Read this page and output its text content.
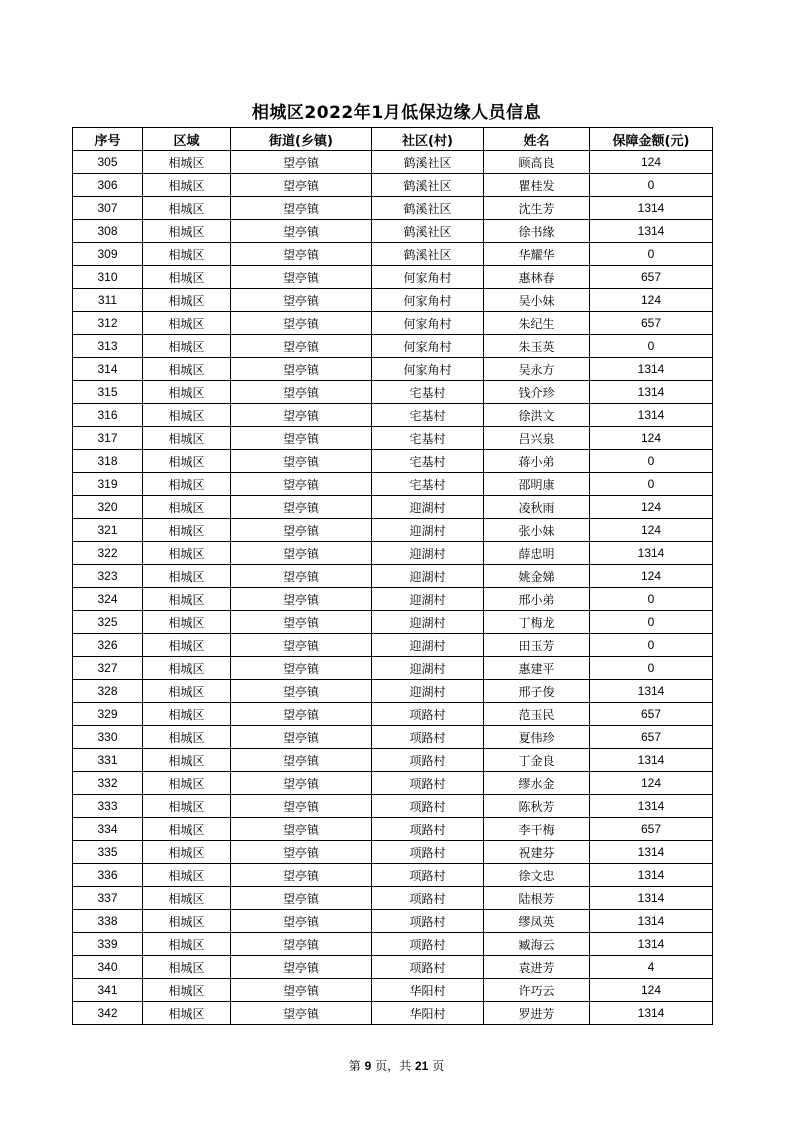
相城区2022年1月低保边缘人员信息
序号	区域	街道(乡镇)	社区(村)	姓名	保障金额(元)
305	相城区	望亭镇	鹤溪社区	顾高良	124
306	相城区	望亭镇	鹤溪社区	瞿桂发	0
307	相城区	望亭镇	鹤溪社区	沈生芳	1314
308	相城区	望亭镇	鹤溪社区	徐书缘	1314
309	相城区	望亭镇	鹤溪社区	华耀华	0
310	相城区	望亭镇	何家角村	惠林春	657
311	相城区	望亭镇	何家角村	吴小妹	124
312	相城区	望亭镇	何家角村	朱纪生	657
313	相城区	望亭镇	何家角村	朱玉英	0
314	相城区	望亭镇	何家角村	吴永方	1314
315	相城区	望亭镇	宅基村	钱介珍	1314
316	相城区	望亭镇	宅基村	徐洪文	1314
317	相城区	望亭镇	宅基村	吕兴泉	124
318	相城区	望亭镇	宅基村	蒋小弟	0
319	相城区	望亭镇	宅基村	邵明康	0
320	相城区	望亭镇	迎湖村	凌秋雨	124
321	相城区	望亭镇	迎湖村	张小妹	124
322	相城区	望亭镇	迎湖村	薛忠明	1314
323	相城区	望亭镇	迎湖村	姚金娣	124
324	相城区	望亭镇	迎湖村	邢小弟	0
325	相城区	望亭镇	迎湖村	丁梅龙	0
326	相城区	望亭镇	迎湖村	田玉芳	0
327	相城区	望亭镇	迎湖村	惠建平	0
328	相城区	望亭镇	迎湖村	邢子俊	1314
329	相城区	望亭镇	项路村	范玉民	657
330	相城区	望亭镇	项路村	夏伟珍	657
331	相城区	望亭镇	项路村	丁金良	1314
332	相城区	望亭镇	项路村	缪水金	124
333	相城区	望亭镇	项路村	陈秋芳	1314
334	相城区	望亭镇	项路村	李干梅	657
335	相城区	望亭镇	项路村	祝建芬	1314
336	相城区	望亭镇	项路村	徐文忠	1314
337	相城区	望亭镇	项路村	陆根芳	1314
338	相城区	望亭镇	项路村	缪凤英	1314
339	相城区	望亭镇	项路村	臧海云	1314
340	相城区	望亭镇	项路村	袁进芳	4
341	相城区	望亭镇	华阳村	许巧云	124
342	相城区	望亭镇	华阳村	罗进芳	1314
第 9 页，共 21 页
